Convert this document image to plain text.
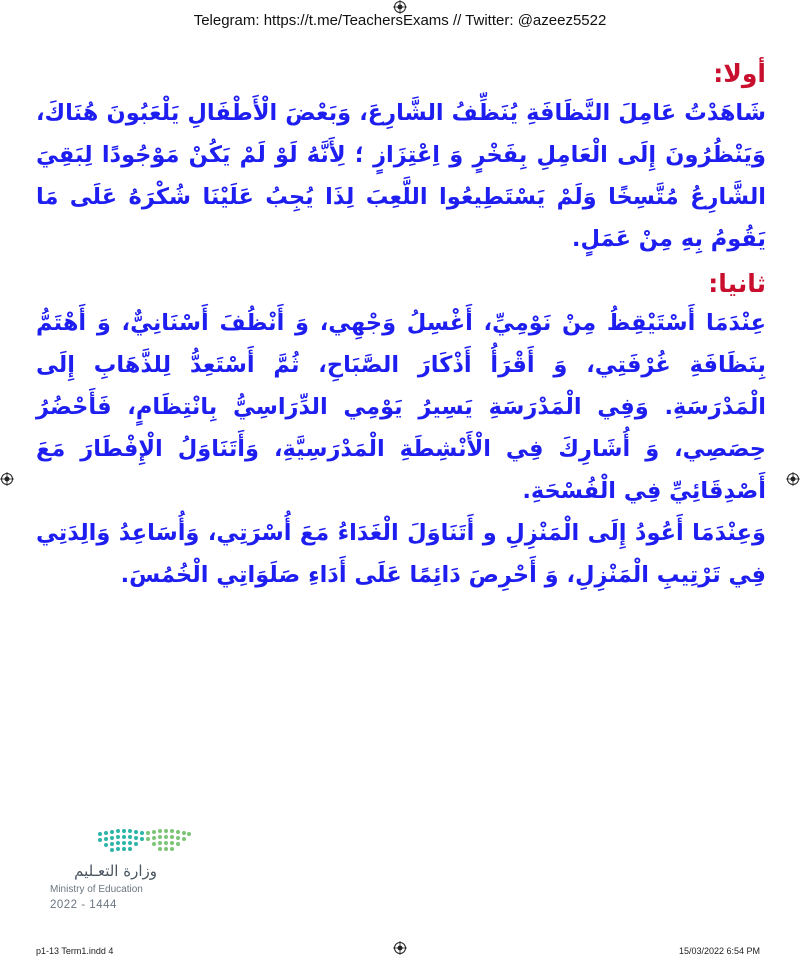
Telegram: https://t.me/TeachersExams // Twitter: @azeez5522

أولا:

شَاهَدْتُ عَامِلَ النَّظَافَةِ يُنَظِّفُ الشَّارِعَ، وَبَعْضَ الْأَطْفَالِ يَلْعَبُونَ هُنَاكَ، وَيَنْظُرُونَ إِلَى الْعَامِلِ بِفَخْرٍ وَ اِعْتِزَازٍ ؛ لِأَنَّهُ لَوْ لَمْ يَكُنْ مَوْجُودًا لِبَقِيَ الشَّارِعُ مُتَّسِخًا وَلَمْ يَسْتَطِيعُوا اللَّعِبَ لِذَا يُجِبُ عَلَيْنَا شُكْرَهُ عَلَى مَا يَقُومُ بِهِ مِنْ عَمَلٍ.

ثانيا:

عِنْدَمَا أَسْتَيْقِظُ مِنْ نَوْمِيِّ، أَغْسِلُ وَجْهِي، وَ أَنْظُفَ أَسْنَانِيٌّ، وَ أَهْتَمُّ بِنَظَافَةِ غُرْفَتِي، وَ أَقْرَأُ أَذْكَارَ الصَّبَاحِ، ثُمَّ أَسْتَعِدُّ لِلذَّهَابِ إِلَى الْمَدْرَسَةِ. وَفِي الْمَدْرَسَةِ يَسِيرُ يَوْمِي الدِّرَاسِيُّ بِانْتِظَامٍ، فَأَحْضُرُ حِصَصِي، وَ أُشَارِكَ فِي الْأَنْشِطَةِ الْمَدْرَسِيَّةِ، وَأَتَنَاوَلُ الْإِفْطَارَ مَعَ أَصْدِقَائِيِّ فِي الْفُسْحَةِ.

وَعِنْدَمَا أَعُودُ إِلَى الْمَنْزِلِ و أَتَنَاوَلَ الْغَدَاءُ مَعَ أُسْرَتِي، وَأُسَاعِدُ وَالِدَتِي فِي تَرْتِيبِ الْمَنْزِلِ، وَ أَحْرِصَ دَائِمًا عَلَى أَدَاءِ صَلَوَاتِي الْخُمُسَ.

وزارة التعـليم
Ministry of Education
2022 - 1444
p1-13 Term1.indd 4	15/03/2022 6:54 PM
